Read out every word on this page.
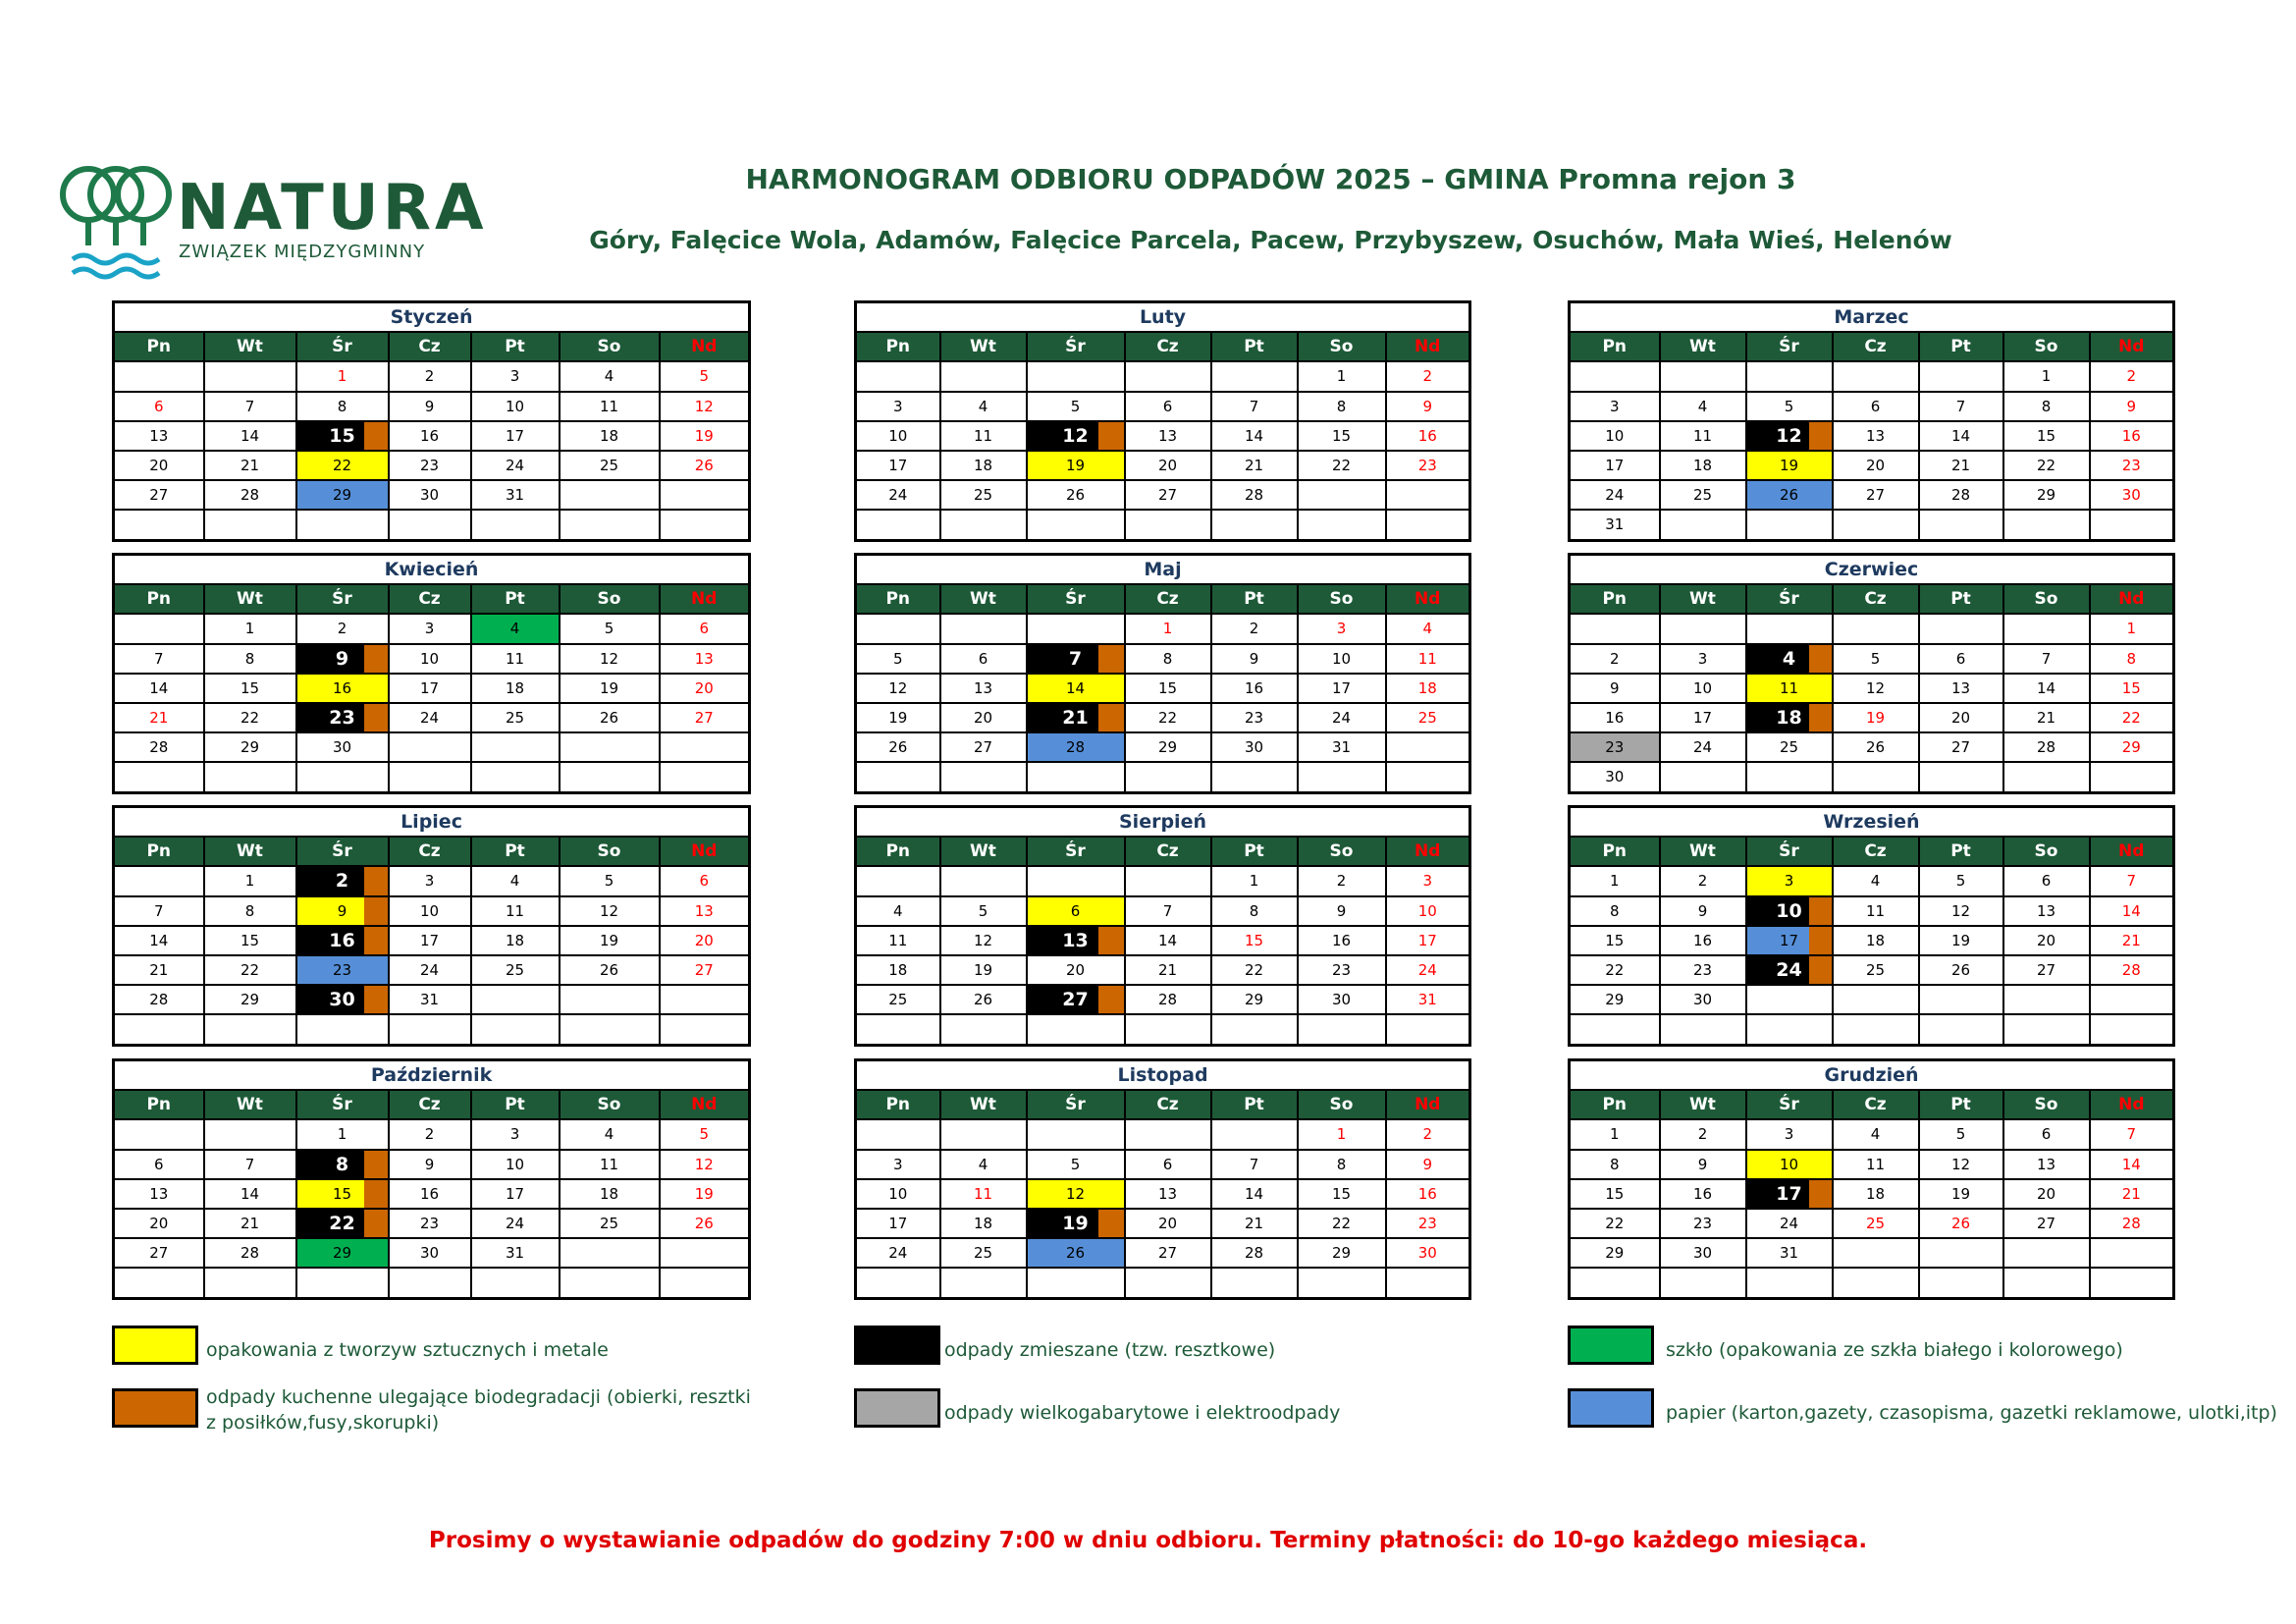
NATURA
ZWIĄZEK MIĘDZYGMINNY
HARMONOGRAM ODBIORU ODPADÓW 2025 – GMINA Promna rejon 3
Góry, Falęcice Wola, Adamów, Falęcice Parcela, Pacew, Przybyszew, Osuchów, Mała Wieś, Helenów
Styczeń						
Pn	Wt	Śr	Cz	Pt	So	Nd
		1	2	3	4	5
6	7	8	9	10	11	12
13	14	15	16	17	18	19
20	21	22	23	24	25	26
27	28	29	30	31		

Luty						
Pn	Wt	Śr	Cz	Pt	So	Nd
					1	2
3	4	5	6	7	8	9
10	11	12	13	14	15	16
17	18	19	20	21	22	23
24	25	26	27	28		

Marzec						
Pn	Wt	Śr	Cz	Pt	So	Nd
					1	2
3	4	5	6	7	8	9
10	11	12	13	14	15	16
17	18	19	20	21	22	23
24	25	26	27	28	29	30
31						
Kwiecień						
Pn	Wt	Śr	Cz	Pt	So	Nd
	1	2	3	4	5	6
7	8	9	10	11	12	13
14	15	16	17	18	19	20
21	22	23	24	25	26	27
28	29	30				

Maj						
Pn	Wt	Śr	Cz	Pt	So	Nd
			1	2	3	4
5	6	7	8	9	10	11
12	13	14	15	16	17	18
19	20	21	22	23	24	25
26	27	28	29	30	31	

Czerwiec						
Pn	Wt	Śr	Cz	Pt	So	Nd
						1
2	3	4	5	6	7	8
9	10	11	12	13	14	15
16	17	18	19	20	21	22
23	24	25	26	27	28	29
30						
Lipiec						
Pn	Wt	Śr	Cz	Pt	So	Nd
	1	2	3	4	5	6
7	8	9	10	11	12	13
14	15	16	17	18	19	20
21	22	23	24	25	26	27
28	29	30	31			

Sierpień						
Pn	Wt	Śr	Cz	Pt	So	Nd
				1	2	3
4	5	6	7	8	9	10
11	12	13	14	15	16	17
18	19	20	21	22	23	24
25	26	27	28	29	30	31

Wrzesień						
Pn	Wt	Śr	Cz	Pt	So	Nd
1	2	3	4	5	6	7
8	9	10	11	12	13	14
15	16	17	18	19	20	21
22	23	24	25	26	27	28
29	30					

Październik						
Pn	Wt	Śr	Cz	Pt	So	Nd
		1	2	3	4	5
6	7	8	9	10	11	12
13	14	15	16	17	18	19
20	21	22	23	24	25	26
27	28	29	30	31		

Listopad						
Pn	Wt	Śr	Cz	Pt	So	Nd
					1	2
3	4	5	6	7	8	9
10	11	12	13	14	15	16
17	18	19	20	21	22	23
24	25	26	27	28	29	30

Grudzień						
Pn	Wt	Śr	Cz	Pt	So	Nd
1	2	3	4	5	6	7
8	9	10	11	12	13	14
15	16	17	18	19	20	21
22	23	24	25	26	27	28
29	30	31				

opakowania z tworzyw sztucznych i metale	odpady zmieszane (tzw. resztkowe)	szkło (opakowania ze szkła białego i kolorowego)
odpady kuchenne ulegające biodegradacji (obierki, resztki z posiłków,fusy,skorupki)	odpady wielkogabarytowe i elektroodpady	papier (karton,gazety, czasopisma, gazetki reklamowe, ulotki,itp)
Prosimy o wystawianie odpadów do godziny 7:00 w dniu odbioru. Terminy płatności: do 10-go każdego miesiąca.
